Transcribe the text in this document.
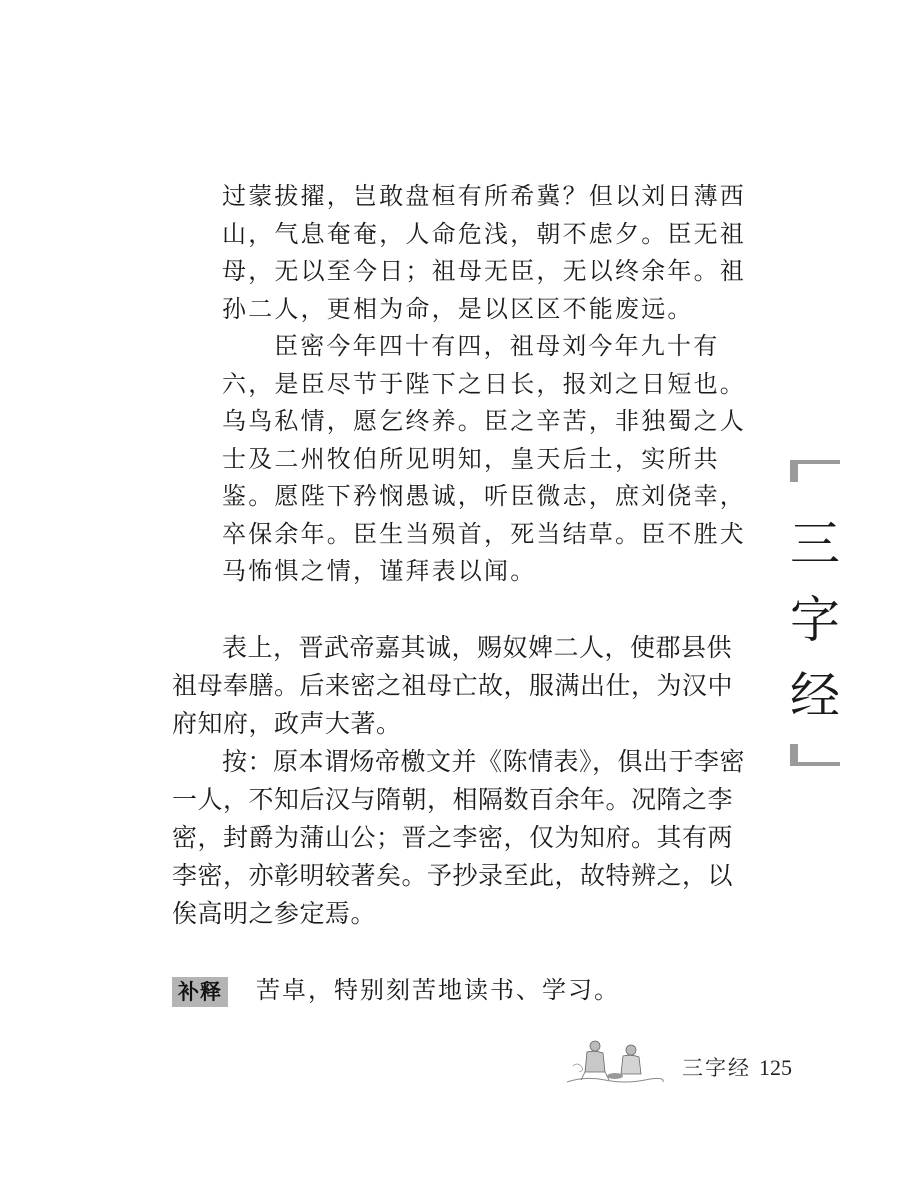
过蒙拔擢，岂敢盘桓有所希冀？但以刘日薄西山，气息奄奄，人命危浅，朝不虑夕。臣无祖母，无以至今日；祖母无臣，无以终余年。祖孙二人，更相为命，是以区区不能废远。

臣密今年四十有四，祖母刘今年九十有六，是臣尽节于陛下之日长，报刘之日短也。乌鸟私情，愿乞终养。臣之辛苦，非独蜀之人士及二州牧伯所见明知，皇天后土，实所共鉴。愿陛下矜悯愚诚，听臣微志，庶刘侥幸，卒保余年。臣生当殒首，死当结草。臣不胜犬马怖惧之情，谨拜表以闻。

表上，晋武帝嘉其诚，赐奴婢二人，使郡县供祖母奉膳。后来密之祖母亡故，服满出仕，为汉中府知府，政声大著。

按：原本谓炀帝檄文并《陈情表》，俱出于李密一人，不知后汉与隋朝，相隔数百余年。况隋之李密，封爵为蒲山公；晋之李密，仅为知府。其有两李密，亦彰明较著矣。予抄录至此，故特辨之，以俟高明之参定焉。

补释 苦卓，特别刻苦地读书、学习。
三
字
经
三字经 125
